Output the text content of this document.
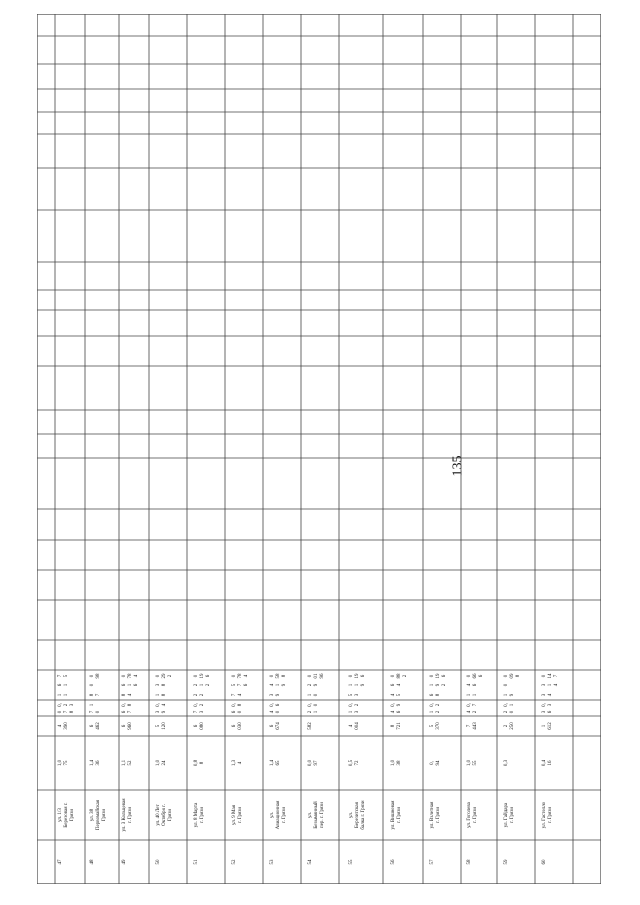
135
47
ул. 1/3
Березовая г.
Грязи
1,0
75
4
390
0,
2
3
0
7
8
7
5
6
1
1
1
48
ул. 38
Первомайская
Грязи
1,4
36
6
462
1
7
0
0
98
0
8
7
49
ул. 3 Кольцевая
г. Грязи
1,1
52
6
960
0,
8
6
7
0
78
4
6
1
6
8
4
50
ул. 40 Лет
Октября г.
Грязи
1,0
24
5
120
0,
4
3
9
0
29
2
3
8
1
8
51
ул. 8 Марта
г. Грязи
0,8
8
6
080
0,
2
7
3
0
19
6
2
1
2
2
2
52
ул. 9 Мая
г. Грязи
1,3
4
6
030
0,
8
6
0
0
78
4
5
7
6
7
4
53
ул.
Авиационная
г. Грязи
1,4
65
6
674
0,
6
4
0
0
58
8
4
1
9
3
9
54
ул.
Безымянный
пер. г. Грязи
0,0
97
582
0,
0
2
1
0
01
96
2
9
1
0
55
ул.
Березитская
балка г. Грязи
0,5
72
4
004
0,
2
1
3
0
19
6
1
1
9
5
3
56
ул. Вишневая
г. Грязи
1,0
38
8
721
0,
9
4
6
0
88
2
6
4
4
5
57
ул. Взлетная
г. Грязи
0,
94
5
370
0,
2
1
2
0
19
6
1
9
2
6
8
58
ул. Гоголева
г. Грязи
1,0
55
7
443
0,
7
4
2
0
66
6
4
6
1
1
59
ул. Гайдара
г. Грязи
0,3
2
250
0,
1
2
0
0
09
8
0
1
9
60
ул. Гастелло
г. Грязи
0,4
16
1
612
0,
3
3
6
0
14
7
3
1
4
3
4
